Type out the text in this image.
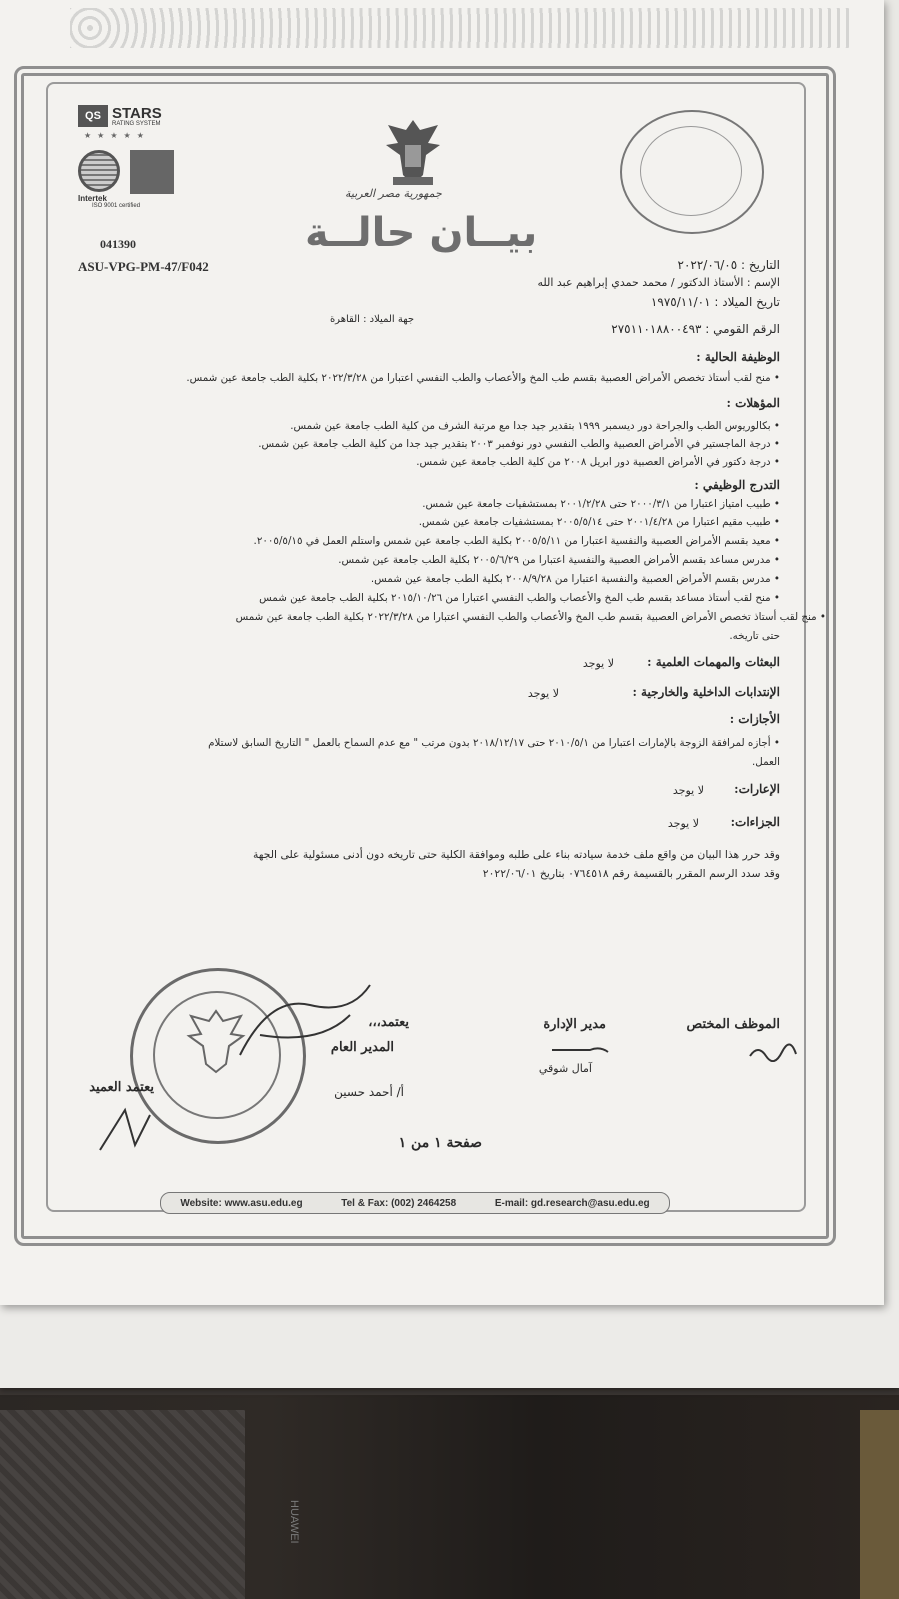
HUAWEI
QS STARS
RATING SYSTEM
★★★★★
Intertek
ISO 9001 certified
041390
ASU-VPG-PM-47/F042
جمهورية مصر العربية
بيــان حالــة
التاريخ : ٢٠٢٢/٠٦/٠٥
الإسم : الأستاذ الدكتور / محمد حمدي إبراهيم عبد الله
تاريخ الميلاد : ١٩٧٥/١١/٠١
جهة الميلاد : القاهرة
الرقم القومي : ٢٧٥١١٠١٨٨٠٠٤٩٣
الوظيفة الحالية :
• منح لقب أستاذ تخصص الأمراض العصبية بقسم طب المخ والأعصاب والطب النفسي اعتبارا من ٢٠٢٢/٣/٢٨ بكلية الطب جامعة عين شمس.
المؤهلات :
• بكالوريوس الطب والجراحة دور ديسمبر ١٩٩٩ بتقدير جيد جدا مع مرتبة الشرف من كلية الطب جامعة عين شمس.
• درجة الماجستير في الأمراض العصبية والطب النفسي دور نوفمبر ٢٠٠٣ بتقدير جيد جدا من كلية الطب جامعة عين شمس.
• درجة دكتور في الأمراض العصبية دور ابريل ٢٠٠٨ من كلية الطب جامعة عين شمس.
التدرج الوظيفي :
• طبيب امتياز اعتبارا من ٢٠٠٠/٣/١ حتى ٢٠٠١/٢/٢٨ بمستشفيات جامعة عين شمس.
• طبيب مقيم اعتبارا من ٢٠٠١/٤/٢٨ حتى ٢٠٠٥/٥/١٤ بمستشفيات جامعة عين شمس.
• معيد بقسم الأمراض العصبية والنفسية اعتبارا من ٢٠٠٥/٥/١١ بكلية الطب جامعة عين شمس واستلم العمل في ٢٠٠٥/٥/١٥.
• مدرس مساعد بقسم الأمراض العصبية والنفسية اعتبارا من ٢٠٠٥/٦/٢٩ بكلية الطب جامعة عين شمس.
• مدرس بقسم الأمراض العصبية والنفسية اعتبارا من ٢٠٠٨/٩/٢٨ بكلية الطب جامعة عين شمس.
• منح لقب أستاذ مساعد بقسم طب المخ والأعصاب والطب النفسي اعتبارا من ٢٠١٥/١٠/٢٦ بكلية الطب جامعة عين شمس
• منح لقب أستاذ تخصص الأمراض العصبية بقسم طب المخ والأعصاب والطب النفسي اعتبارا من ٢٠٢٢/٣/٢٨ بكلية الطب جامعة عين شمس
حتى تاريخه.
البعثات والمهمات العلمية :
لا يوجد
الإنتدابات الداخلية والخارجية :
لا يوجد
الأجازات :
• أجازه لمرافقة الزوجة بالإمارات اعتبارا من ٢٠١٠/٥/١ حتى ٢٠١٨/١٢/١٧ بدون مرتب " مع عدم السماح بالعمل " التاريخ السابق لاستلام
العمل.
الإعارات:
لا يوجد
الجزاءات:
لا يوجد
وقد حرر هذا البيان من واقع ملف خدمة سيادته بناء على طلبه وموافقة الكلية حتى تاريخه دون أدنى مسئولية على الجهة
وقد سدد الرسم المقرر بالقسيمة رقم ٠٧٦٤٥١٨ بتاريخ ٢٠٢٢/٠٦/٠١
الموظف المختص
مدير الإدارة
آمال شوقي
يعتمد،،،
المدير العام
أ/ أحمد حسين
يعتمد العميد
صفحة ١ من ١
Website: www.asu.edu.eg	Tel & Fax: (002) 2464258	E-mail: gd.research@asu.edu.eg
